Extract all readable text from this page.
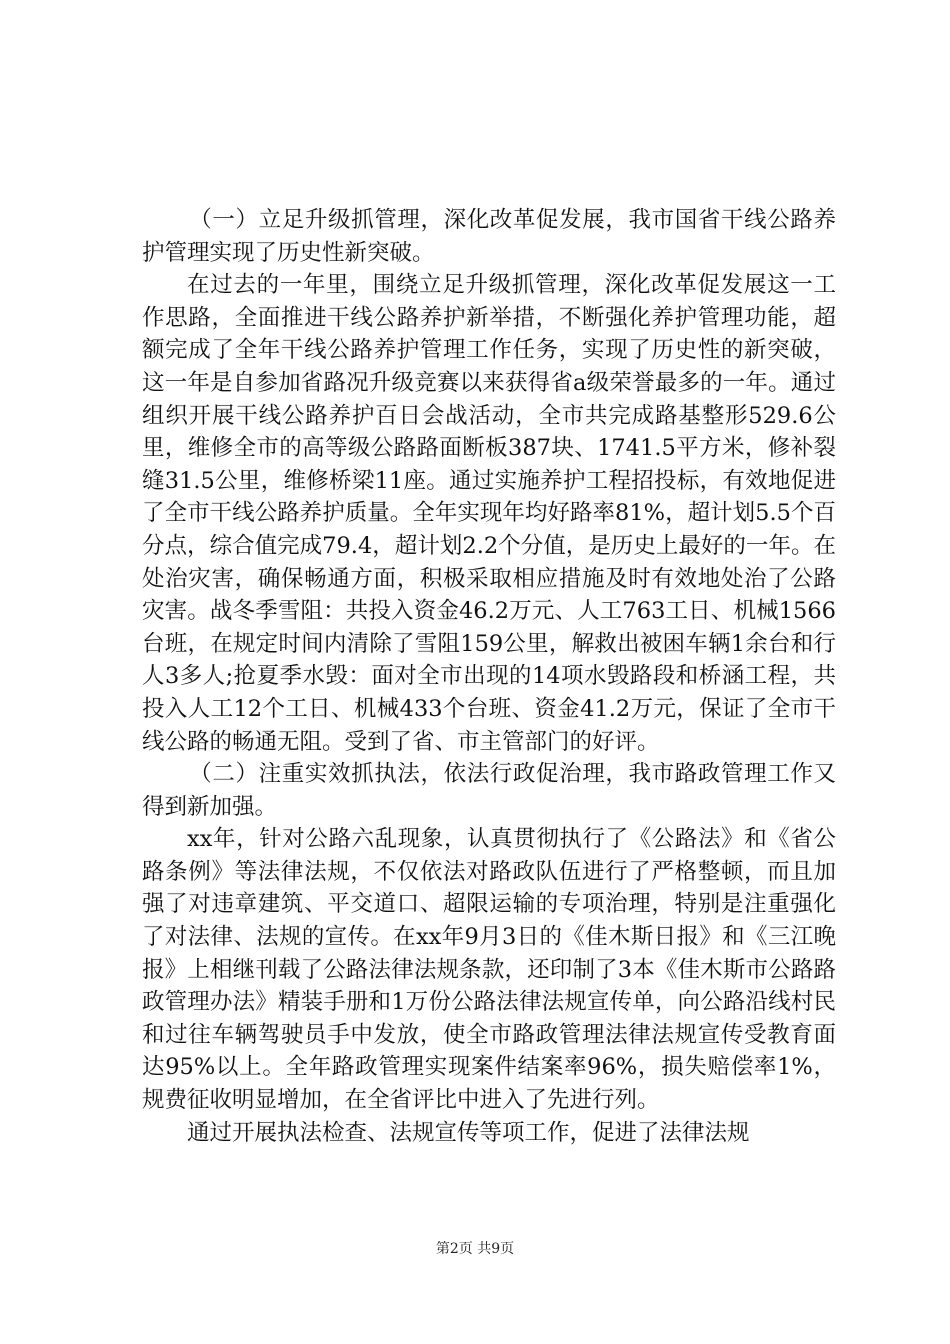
（一）立足升级抓管理，深化改革促发展，我市国省干线公路养护管理实现了历史性新突破。

在过去的一年里，围绕立足升级抓管理，深化改革促发展这一工作思路，全面推进干线公路养护新举措，不断强化养护管理功能，超额完成了全年干线公路养护管理工作任务，实现了历史性的新突破，这一年是自参加省路况升级竞赛以来获得省a级荣誉最多的一年。通过组织开展干线公路养护百日会战活动，全市共完成路基整形529.6公里，维修全市的高等级公路路面断板387块、1741.5平方米，修补裂缝31.5公里，维修桥梁11座。通过实施养护工程招投标，有效地促进了全市干线公路养护质量。全年实现年均好路率81%，超计划5.5个百分点，综合值完成79.4，超计划2.2个分值，是历史上最好的一年。在处治灾害，确保畅通方面，积极采取相应措施及时有效地处治了公路灾害。战冬季雪阻：共投入资金46.2万元、人工763工日、机械1566台班，在规定时间内清除了雪阻159公里，解救出被困车辆1余台和行人3多人;抢夏季水毁：面对全市出现的14项水毁路段和桥涵工程，共投入人工12个工日、机械433个台班、资金41.2万元，保证了全市干线公路的畅通无阻。受到了省、市主管部门的好评。

（二）注重实效抓执法，依法行政促治理，我市路政管理工作又得到新加强。

xx年，针对公路六乱现象，认真贯彻执行了《公路法》和《省公路条例》等法律法规，不仅依法对路政队伍进行了严格整顿，而且加强了对违章建筑、平交道口、超限运输的专项治理，特别是注重强化了对法律、法规的宣传。在xx年9月3日的《佳木斯日报》和《三江晚报》上相继刊载了公路法律法规条款，还印制了3本《佳木斯市公路路政管理办法》精装手册和1万份公路法律法规宣传单，向公路沿线村民和过往车辆驾驶员手中发放，使全市路政管理法律法规宣传受教育面达95%以上。全年路政管理实现案件结案率96%，损失赔偿率1%，规费征收明显增加，在全省评比中进入了先进行列。

通过开展执法检查、法规宣传等项工作，促进了法律法规

第2页 共9页
